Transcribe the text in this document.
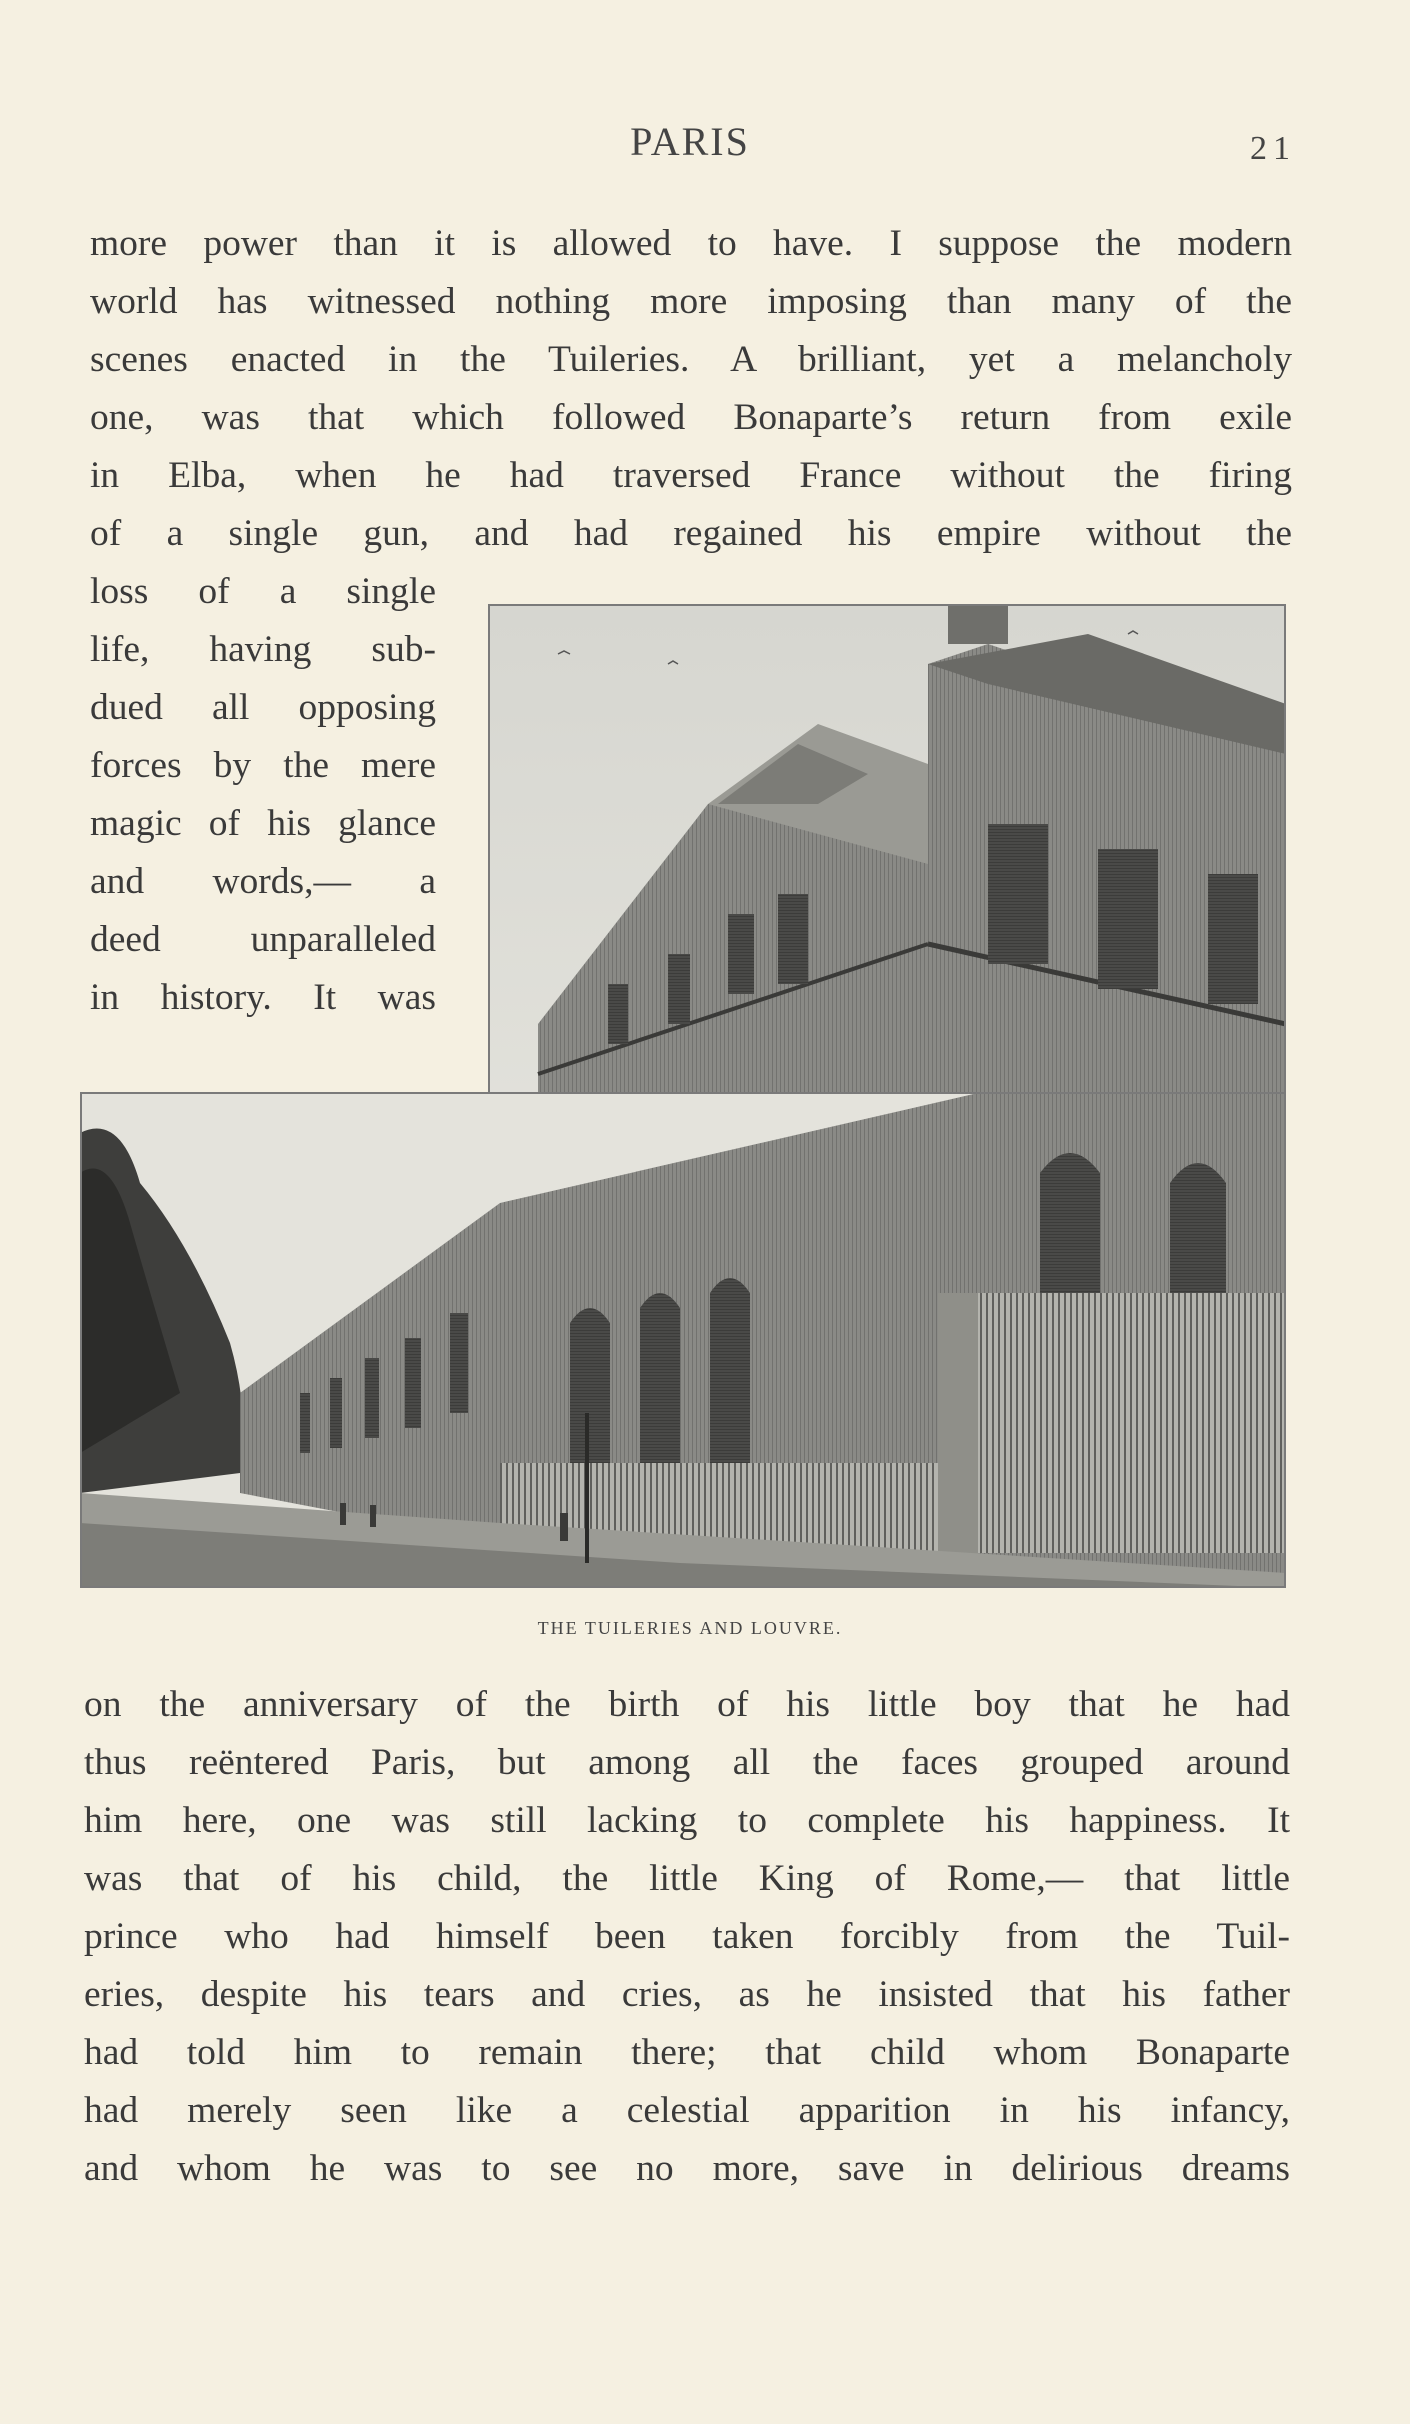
PARIS	21
more power than it is allowed to have. I suppose the modern
world has witnessed nothing more imposing than many of the
scenes enacted in the Tuileries. A brilliant, yet a melancholy
one, was that which followed Bonaparte’s return from exile
in Elba, when he had traversed France without the firing
of a single gun, and had regained his empire without the
loss of a single
life, having sub-
dued all opposing
forces by the mere
magic of his glance
and words,— a
deed unparalleled
in history. It was
THE TUILERIES AND LOUVRE.
on the anniversary of the birth of his little boy that he had
thus reëntered Paris, but among all the faces grouped around
him here, one was still lacking to complete his happiness. It
was that of his child, the little King of Rome,— that little
prince who had himself been taken forcibly from the Tuil-
eries, despite his tears and cries, as he insisted that his father
had told him to remain there; that child whom Bonaparte
had merely seen like a celestial apparition in his infancy,
and whom he was to see no more, save in delirious dreams
